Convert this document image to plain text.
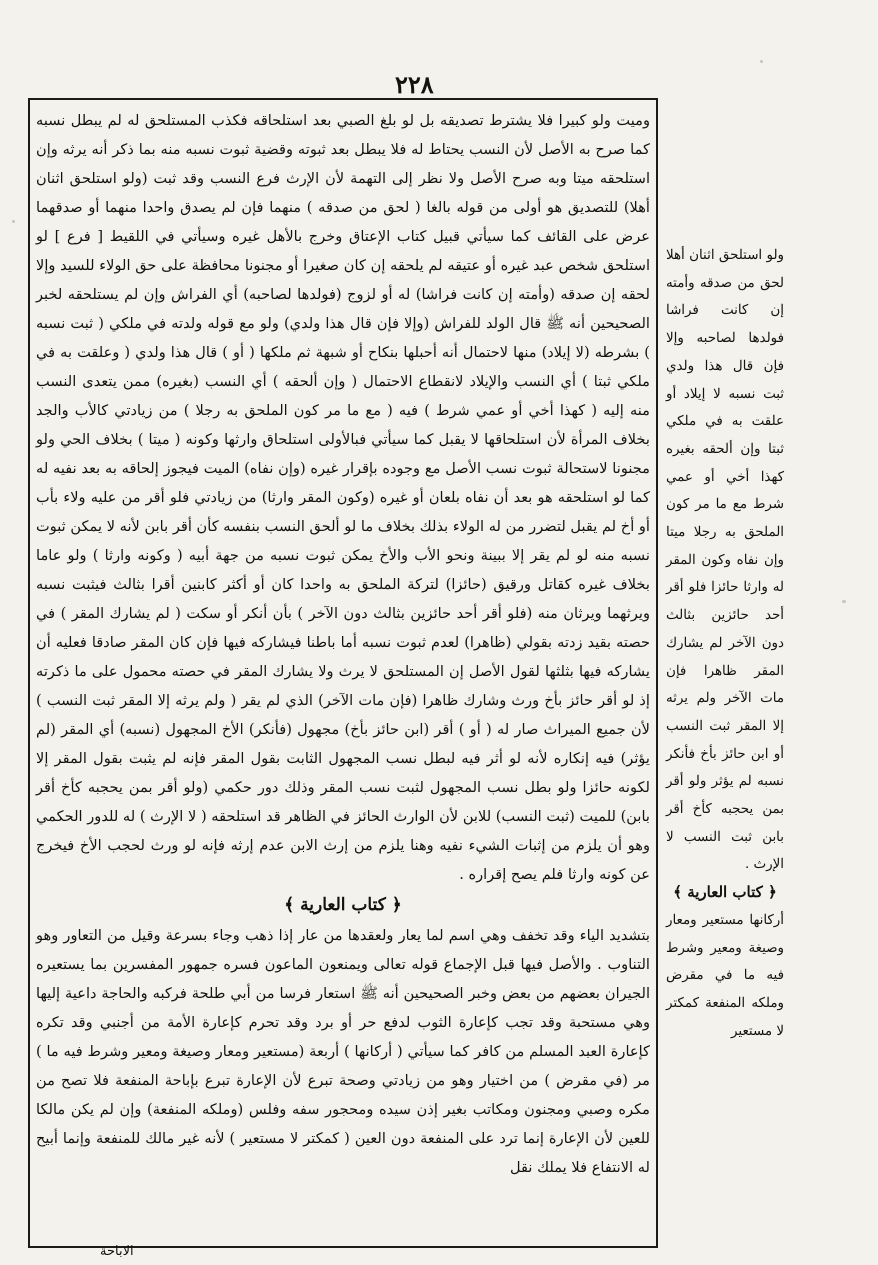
٢٢٨

وميت ولو كبيرا فلا يشترط تصديقه بل لو بلغ الصبي بعد استلحاقه فكذب المستلحق له لم يبطل نسبه كما صرح به الأصل لأن النسب يحتاط له فلا يبطل بعد ثبوته وقضية ثبوت نسبه منه بما ذكر أنه يرثه وإن استلحقه ميتا وبه صرح الأصل ولا نظر إلى التهمة لأن الإرث فرع النسب وقد ثبت (ولو استلحق اثنان أهلا) للتصديق هو أولى من قوله بالغا ( لحق من صدقه ) منهما فإن لم يصدق واحدا منهما أو صدقهما عرض على القائف كما سيأتي قبيل كتاب الإعتاق وخرج بالأهل غيره وسيأتي في اللقيط [ فرع ] لو استلحق شخص عبد غيره أو عتيقه لم يلحقه إن كان صغيرا أو مجنونا محافظة على حق الولاء للسيد وإلا لحقه إن صدقه (وأمته إن كانت فراشا) له أو لزوج (فولدها لصاحبه) أي الفراش وإن لم يستلحقه لخبر الصحيحين أنه ﷺ قال الولد للفراش (وإلا فإن قال هذا ولدي) ولو مع قوله ولدته في ملكي ( ثبت نسبه ) بشرطه (لا إيلاد) منها لاحتمال أنه أحبلها بنكاح أو شبهة ثم ملكها ( أو ) قال هذا ولدي ( وعلقت به في ملكي ثبتا ) أي النسب والإيلاد لانقطاع الاحتمال ( وإن ألحقه ) أي النسب (بغيره) ممن يتعدى النسب منه إليه ( كهذا أخي أو عمي شرط ) فيه ( مع ما مر كون الملحق به رجلا ) من زيادتي كالأب والجد بخلاف المرأة لأن استلحاقها لا يقبل كما سيأتي فبالأولى استلحاق وارثها وكونه ( ميتا ) بخلاف الحي ولو مجنونا لاستحالة ثبوت نسب الأصل مع وجوده بإقرار غيره (وإن نفاه) الميت فيجوز إلحاقه به بعد نفيه له كما لو استلحقه هو بعد أن نفاه بلعان أو غيره (وكون المقر وارثا) من زيادتي فلو أقر من عليه ولاء بأب أو أخ لم يقبل لتضرر من له الولاء بذلك بخلاف ما لو ألحق النسب بنفسه كأن أقر بابن لأنه لا يمكن ثبوت نسبه منه لو لم يقر إلا ببينة ونحو الأب والأخ يمكن ثبوت نسبه من جهة أبيه ( وكونه وارثا ) ولو عاما بخلاف غيره كقاتل ورقيق (حائزا) لتركة الملحق به واحدا كان أو أكثر كابنين أقرا بثالث فيثبت نسبه ويرثهما ويرثان منه (فلو أقر أحد حائزين بثالث دون الآخر ) بأن أنكر أو سكت ( لم يشارك المقر ) في حصته بقيد زدته بقولي (ظاهرا) لعدم ثبوت نسبه أما باطنا فيشاركه فيها فإن كان المقر صادقا فعليه أن يشاركه فيها بثلثها لقول الأصل إن المستلحق لا يرث ولا يشارك المقر في حصته محمول على ما ذكرته إذ لو أقر حائز بأخ ورث وشارك ظاهرا (فإن مات الآخر) الذي لم يقر ( ولم يرثه إلا المقر ثبت النسب ) لأن جميع الميراث صار له ( أو ) أقر (ابن حائز بأخ) مجهول (فأنكر) الأخ المجهول (نسبه) أي المقر (لم يؤثر) فيه إنكاره لأنه لو أثر فيه لبطل نسب المجهول الثابت بقول المقر فإنه لم يثبت بقول المقر إلا لكونه حائزا ولو بطل نسب المجهول لثبت نسب المقر وذلك دور حكمي (ولو أقر بمن يحجبه كأخ أقر بابن) للميت (ثبت النسب) للابن لأن الوارث الحائز في الظاهر قد استلحقه ( لا الإرث ) له للدور الحكمي وهو أن يلزم من إثبات الشيء نفيه وهنا يلزم من إرث الابن عدم إرثه فإنه لو ورث لحجب الأخ فيخرج عن كونه وارثا فلم يصح إقراره .

﴿ كتاب العارية ﴾

بتشديد الياء وقد تخفف وهي اسم لما يعار ولعقدها من عار إذا ذهب وجاء بسرعة وقيل من التعاور وهو التناوب . والأصل فيها قبل الإجماع قوله تعالى ويمنعون الماعون فسره جمهور المفسرين بما يستعيره الجيران بعضهم من بعض وخبر الصحيحين أنه ﷺ استعار فرسا من أبي طلحة فركبه والحاجة داعية إليها وهي مستحبة وقد تجب كإعارة الثوب لدفع حر أو برد وقد تحرم كإعارة الأمة من أجنبي وقد تكره كإعارة العبد المسلم من كافر كما سيأتي ( أركانها ) أربعة (مستعير ومعار وصيغة ومعير وشرط فيه ما ) مر (في مقرض ) من اختيار وهو من زيادتي وصحة تبرع لأن الإعارة تبرع بإباحة المنفعة فلا تصح من مكره وصبي ومجنون ومكاتب بغير إذن سيده ومحجور سفه وفلس (وملكه المنفعة) وإن لم يكن مالكا للعين لأن الإعارة إنما ترد على المنفعة دون العين ( كمكتر لا مستعير ) لأنه غير مالك للمنفعة وإنما أبيح له الانتفاع فلا يملك نقل

ولو استلحق اثنان أهلا لحق من صدقه وأمته إن كانت فراشا فولدها لصاحبه وإلا فإن قال هذا ولدي ثبت نسبه لا إيلاد أو علقت به في ملكي ثبتا وإن ألحقه بغيره كهذا أخي أو عمي شرط مع ما مر كون الملحق به رجلا ميتا وإن نفاه وكون المقر له وارثا حائزا فلو أقر أحد حائزين بثالث دون الآخر لم يشارك المقر ظاهرا فإن مات الآخر ولم يرثه إلا المقر ثبت النسب أو ابن حائز بأخ فأنكر نسبه لم يؤثر ولو أقر بمن يحجبه كأخ أقر بابن ثبت النسب لا الإرث .

﴿ كتاب العارية ﴾

أركانها مستعير ومعار وصيغة ومعير وشرط فيه ما في مقرض وملكه المنفعة كمكتر لا مستعير

الاباحة
